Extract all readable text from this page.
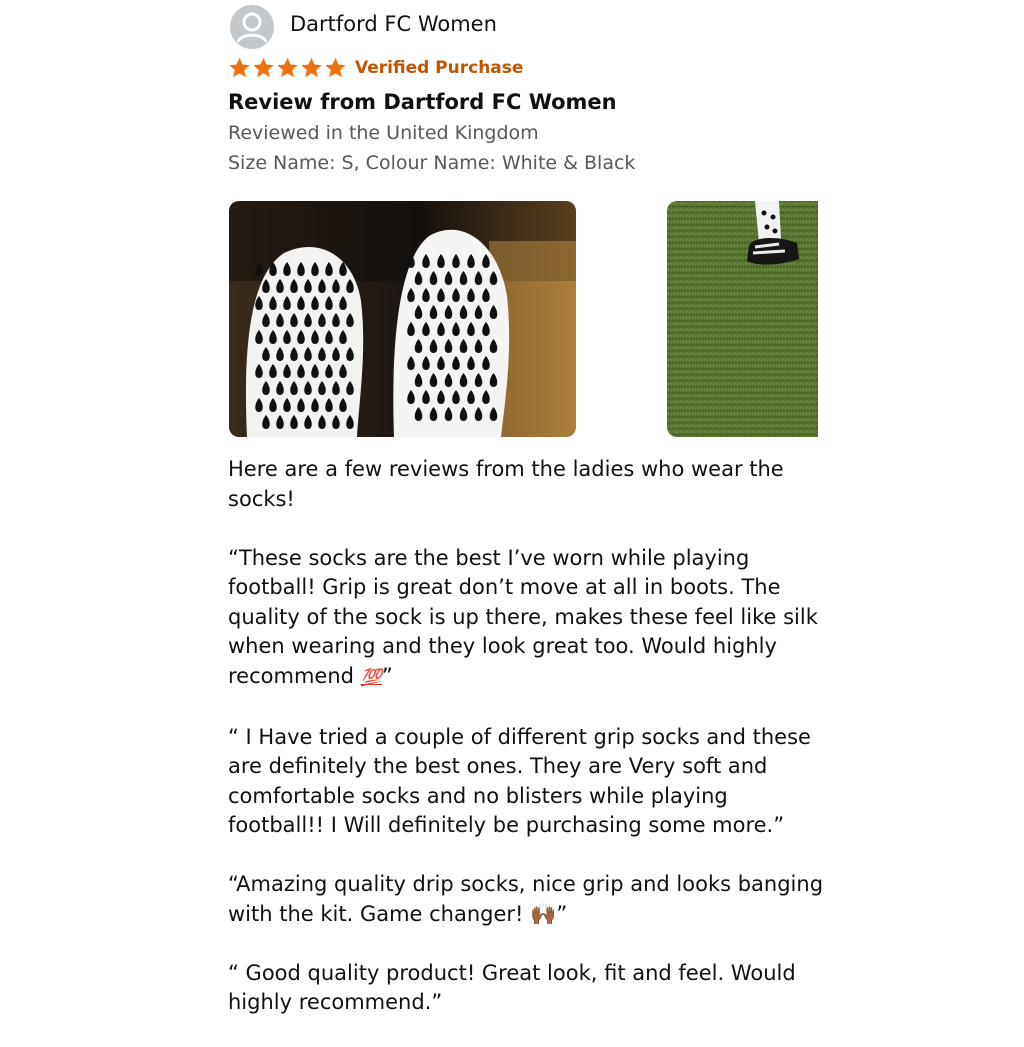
Dartford FC Women
Verified Purchase
Review from Dartford FC Women
Reviewed in the United Kingdom
Size Name: S, Colour Name: White & Black

Here are a few reviews from the ladies who wear the socks!

“These socks are the best I’ve worn while playing football! Grip is great don’t move at all in boots. The quality of the sock is up there, makes these feel like silk when wearing and they look great too. Would highly recommend 💯”

“ I Have tried a couple of different grip socks and these are definitely the best ones. They are Very soft and comfortable socks and no blisters while playing football!! I Will definitely be purchasing some more.”

“Amazing quality drip socks, nice grip and looks banging with the kit. Game changer! 🙌🏾”

“ Good quality product! Great look, fit and feel. Would highly recommend.”
